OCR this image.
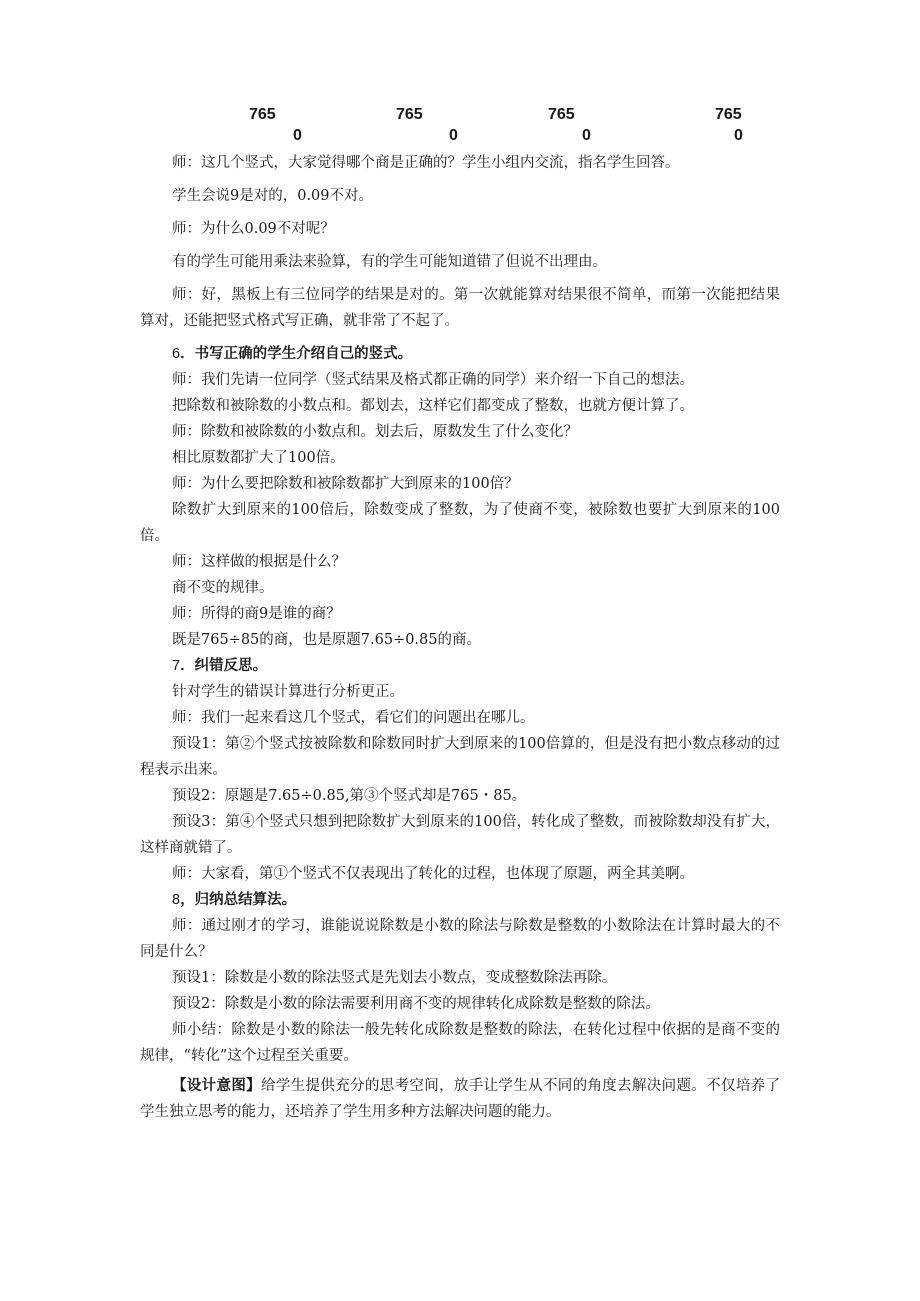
765
0
765
0
765
0
765
0

师：这几个竖式，大家觉得哪个商是正确的？学生小组内交流，指名学生回答。

学生会说9是对的，0.09不对。

师：为什么0.09不对呢？

有的学生可能用乘法来验算，有的学生可能知道错了但说不出理由。

师：好，黑板上有三位同学的结果是对的。第一次就能算对结果很不简单，而第一次能把结果算对，还能把竖式格式写正确，就非常了不起了。

6．书写正确的学生介绍自己的竖式。

师：我们先请一位同学（竖式结果及格式都正确的同学）来介绍一下自己的想法。

把除数和被除数的小数点和。都划去，这样它们都变成了整数，也就方便计算了。

师：除数和被除数的小数点和。划去后，原数发生了什么变化？

相比原数都扩大了100倍。

师：为什么要把除数和被除数都扩大到原来的100倍？

除数扩大到原来的100倍后，除数变成了整数，为了使商不变，被除数也要扩大到原来的100倍。

师：这样做的根据是什么？

商不变的规律。

师：所得的商9是谁的商？

既是765÷85的商，也是原题7.65÷0.85的商。

7．纠错反思。

针对学生的错误计算进行分析更正。

师：我们一起来看这几个竖式，看它们的问题出在哪儿。

预设1：第②个竖式按被除数和除数同时扩大到原来的100倍算的，但是没有把小数点移动的过程表示出来。

预设2：原题是7.65÷0.85,第③个竖式却是765・85。

预设3：第④个竖式只想到把除数扩大到原来的100倍，转化成了整数，而被除数却没有扩大，这样商就错了。

师：大家看，第①个竖式不仅表现出了转化的过程，也体现了原题，两全其美啊。

8，归纳总结算法。

师：通过刚才的学习，谁能说说除数是小数的除法与除数是整数的小数除法在计算时最大的不同是什么？

预设1：除数是小数的除法竖式是先划去小数点，变成整数除法再除。

预设2：除数是小数的除法需要利用商不变的规律转化成除数是整数的除法。

师小结：除数是小数的除法一般先转化成除数是整数的除法，在转化过程中依据的是商不变的规律，“转化”这个过程至关重要。

【设计意图】给学生提供充分的思考空间，放手让学生从不同的角度去解决问题。不仅培养了学生独立思考的能力，还培养了学生用多种方法解决问题的能力。
